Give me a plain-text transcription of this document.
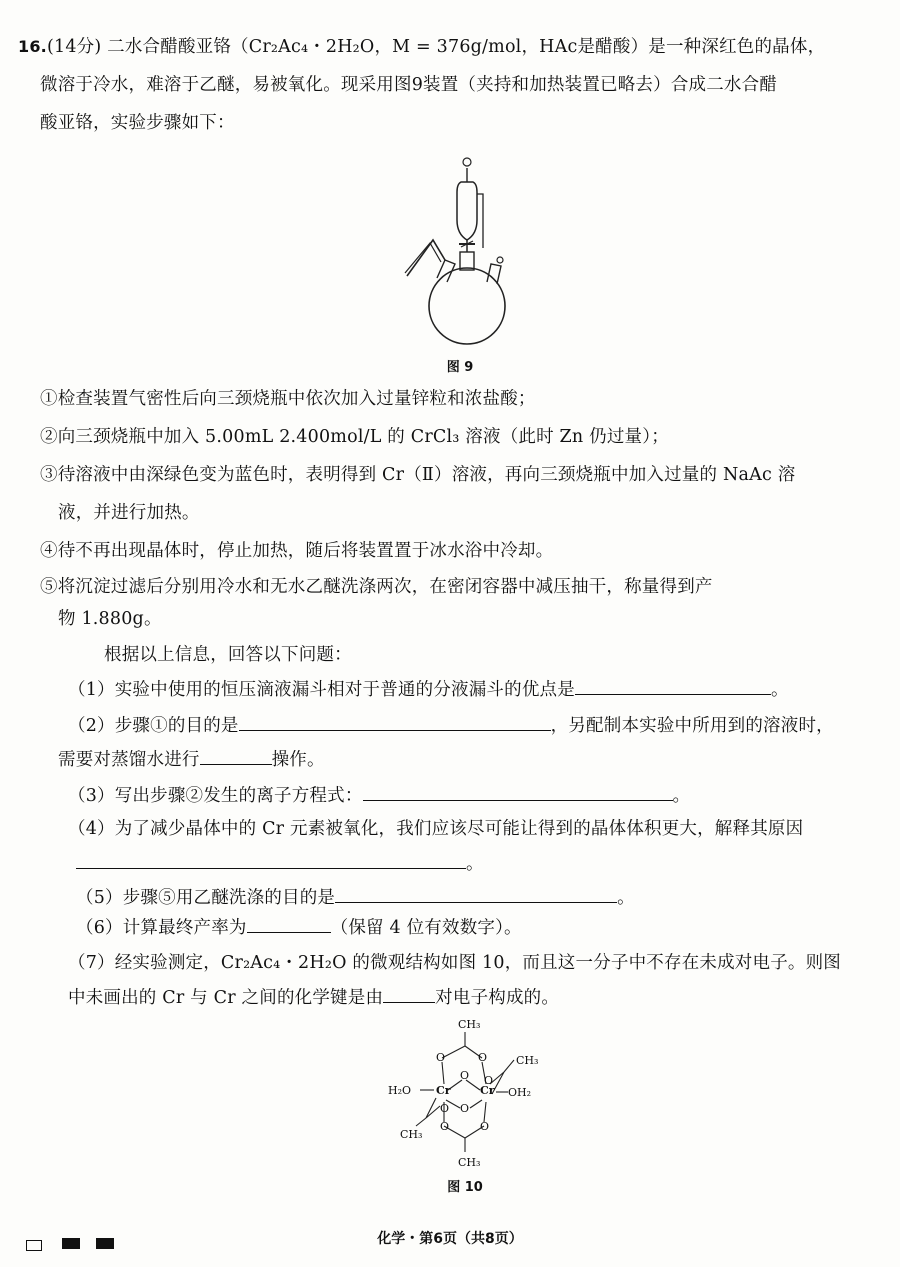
16.(14分) 二水合醋酸亚铬（Cr₂Ac₄・2H₂O，M = 376g/mol，HAc是醋酸）是一种深红色的晶体，
微溶于冷水，难溶于乙醚，易被氧化。现采用图9装置（夹持和加热装置已略去）合成二水合醋
酸亚铬，实验步骤如下：
图 9
①检查装置气密性后向三颈烧瓶中依次加入过量锌粒和浓盐酸；
②向三颈烧瓶中加入 5.00mL 2.400mol/L 的 CrCl₃ 溶液（此时 Zn 仍过量）；
③待溶液中由深绿色变为蓝色时，表明得到 Cr（Ⅱ）溶液，再向三颈烧瓶中加入过量的 NaAc 溶
液，并进行加热。
④待不再出现晶体时，停止加热，随后将装置置于冰水浴中冷却。
⑤将沉淀过滤后分别用冷水和无水乙醚洗涤两次，在密闭容器中减压抽干，称量得到产
物 1.880g。
根据以上信息，回答以下问题：
（1）实验中使用的恒压滴液漏斗相对于普通的分液漏斗的优点是	。
（2）步骤①的目的是	，另配制本实验中所用到的溶液时，
需要对蒸馏水进行	操作。
（3）写出步骤②发生的离子方程式：	。
（4）为了减少晶体中的 Cr 元素被氧化，我们应该尽可能让得到的晶体体积更大，解释其原因
。
（5）步骤⑤用乙醚洗涤的目的是	。
（6）计算最终产率为	（保留 4 位有效数字）。
（7）经实验测定，Cr₂Ac₄・2H₂O 的微观结构如图 10，而且这一分子中不存在未成对电子。则图
中未画出的 Cr 与 Cr 之间的化学键是由	对电子构成的。
CH₃
CH₃
CH₃
CH₃
H₂O	OH₂
Cr	Cr
O	O
O O
O O
O	O
图 10
化学・第6页（共8页）
